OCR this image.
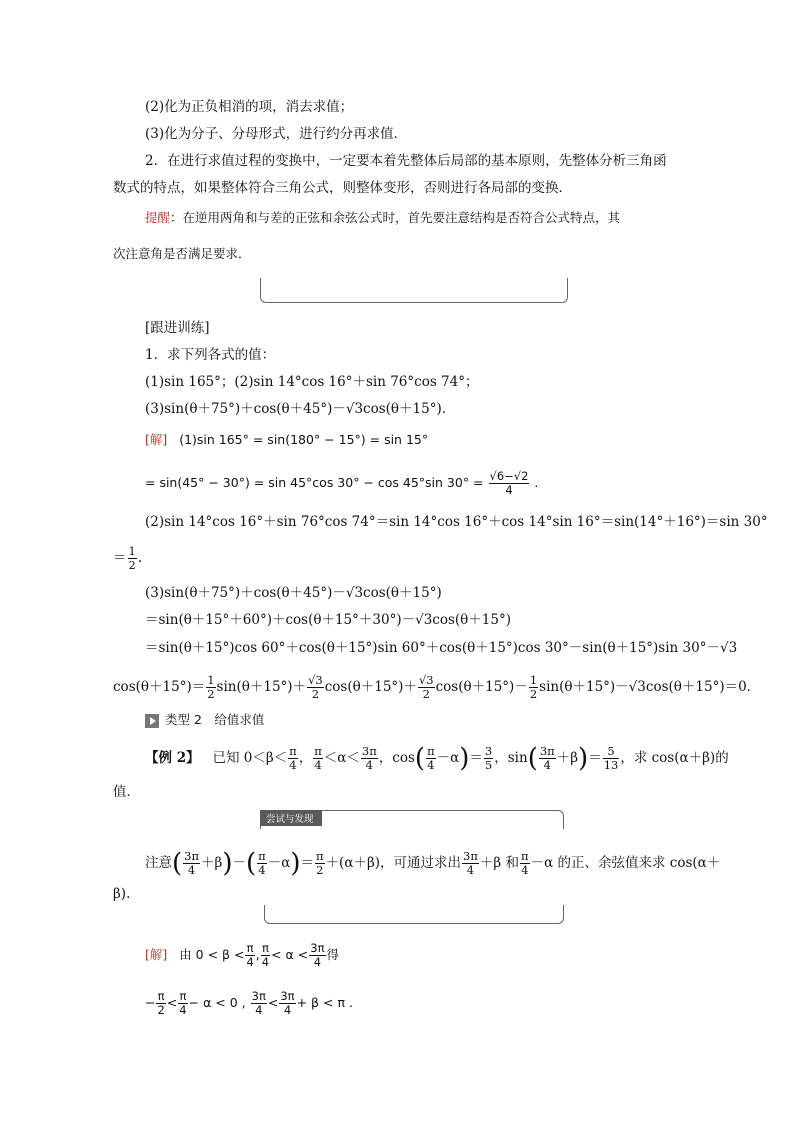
(2)化为正负相消的项，消去求值；
(3)化为分子、分母形式，进行约分再求值．
2．在进行求值过程的变换中，一定要本着先整体后局部的基本原则，先整体分析三角函
数式的特点，如果整体符合三角公式，则整体变形，否则进行各局部的变换．
提醒：在逆用两角和与差的正弦和余弦公式时，首先要注意结构是否符合公式特点，其
次注意角是否满足要求．
[跟进训练]
1．求下列各式的值：
(1)sin 165°；(2)sin 14°cos 16°＋sin 76°cos 74°；
(3)sin(θ＋75°)＋cos(θ＋45°)－√3cos(θ＋15°)．
[解] (1)sin 165° = sin(180° − 15°) = sin 15°
= sin(45° − 30°) = sin 45°cos 30° − cos 45°sin $30^\circ = \frac{√6-√2}{4}$ .
(2)sin 14°cos 16°＋sin 76°cos 74°＝sin 14°cos 16°＋cos 14°sin 16°＝sin(14°＋16°)＝sin 30°
＝ $\frac{1}{2}$ .
(3)sin(θ＋75°)＋cos(θ＋45°)－√3cos(θ＋15°)
＝sin(θ＋15°＋60°)＋cos(θ＋15°＋30°)－√3cos(θ＋15°)
＝sin(θ＋15°)cos 60°＋cos(θ＋15°)sin 60°＋cos(θ＋15°)cos 30°－sin(θ＋15°)sin 30°－√3
$\cos(\theta+15^\circ)= \frac{1}{2} \sin(\theta+15^\circ)+ \frac{√3}{2} \cos(\theta+15^\circ)+ \frac{√3}{2} \cos(\theta+15^\circ)- \frac{1}{2} \sin(\theta+15^\circ)-√3\cos(\theta+15^\circ)=0$．
类型 2　给值求值
【例 2】 已知 $0<\beta< \frac{\pi}{4}$ ， $\frac{\pi}{4} <\alpha< \frac{3\pi}{4}$ ，$\cos( \frac{\pi}{4} -\alpha)= \frac{3}{5}$ ，$\sin( \frac{3\pi}{4} +\beta)= \frac{5}{13}$ ，求 cos(α＋β)的
值．
尝试与发现
注意( $\frac{3\pi}{4} +\beta)-( \frac{\pi}{4} -\alpha)= \frac{\pi}{2} +(\alpha+\beta)$，可通过求出 $\frac{3\pi}{4} +\beta$ 和 $\frac{\pi}{4} -\alpha$ 的正、余弦值来求 cos(α＋
β).
[解] 由 $0 < \beta < \frac{\pi}{4}$ , $\frac{\pi}{4} < \alpha < \frac{3\pi}{4}$ 得
− $\frac{\pi}{2} < \frac{\pi}{4} - \alpha < 0$ , $\frac{3\pi}{4} < \frac{3\pi}{4} + \beta < \pi$ .
